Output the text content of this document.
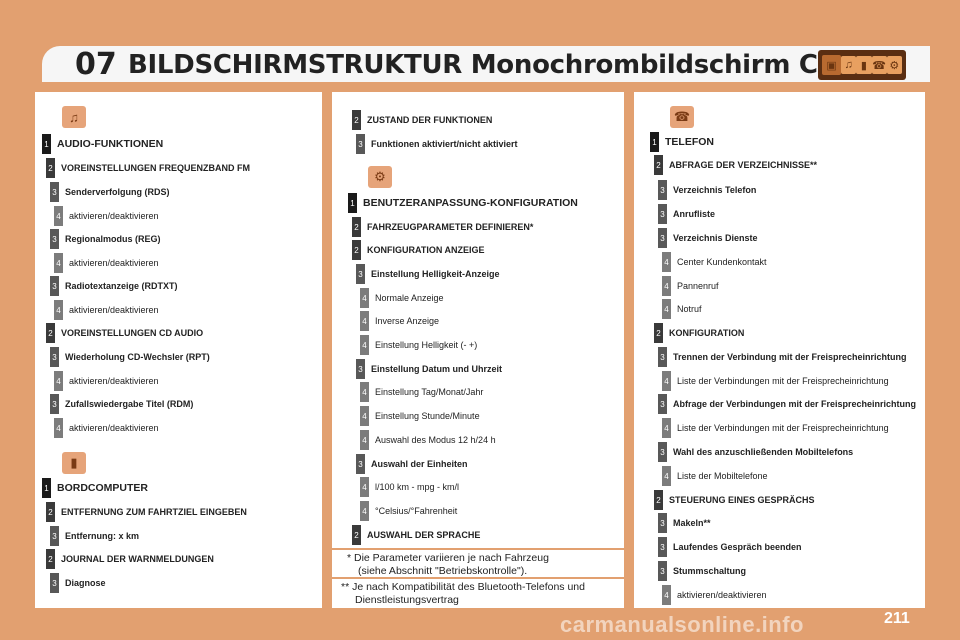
07 BILDSCHIRMSTRUKTUR Monochrombildschirm C ▣ ♫ ▮ ☎ ⚙
♫
1 AUDIO-FUNKTIONEN
2 VOREINSTELLUNGEN FREQUENZBAND FM
3 Senderverfolgung (RDS)
4 aktivieren/deaktivieren
3 Regionalmodus (REG)
4 aktivieren/deaktivieren
3 Radiotextanzeige (RDTXT)
4 aktivieren/deaktivieren
2 VOREINSTELLUNGEN CD AUDIO
3 Wiederholung CD-Wechsler (RPT)
4 aktivieren/deaktivieren
3 Zufallswiedergabe Titel (RDM)
4 aktivieren/deaktivieren
▮
1 BORDCOMPUTER
2 ENTFERNUNG ZUM FAHRTZIEL EINGEBEN
3 Entfernung: x km
2 JOURNAL DER WARNMELDUNGEN
3 Diagnose
2 ZUSTAND DER FUNKTIONEN
3 Funktionen aktiviert/nicht aktiviert
⚙
1 BENUTZERANPASSUNG-KONFIGURATION
2 FAHRZEUGPARAMETER DEFINIEREN*
2 KONFIGURATION ANZEIGE
3 Einstellung Helligkeit-Anzeige
4 Normale Anzeige
4 Inverse Anzeige
4 Einstellung Helligkeit (- +)
3 Einstellung Datum und Uhrzeit
4 Einstellung Tag/Monat/Jahr
4 Einstellung Stunde/Minute
4 Auswahl des Modus 12 h/24 h
3 Auswahl der Einheiten
4 l/100 km - mpg - km/l
4 °Celsius/°Fahrenheit
2 AUSWAHL DER SPRACHE
☎
1 TELEFON
2 ABFRAGE DER VERZEICHNISSE**
3 Verzeichnis Telefon
3 Anrufliste
3 Verzeichnis Dienste
4 Center Kundenkontakt
4 Pannenruf
4 Notruf
2 KONFIGURATION
3 Trennen der Verbindung mit der Freisprecheinrichtung
4 Liste der Verbindungen mit der Freisprecheinrichtung
3 Abfrage der Verbindungen mit der Freisprecheinrichtung
4 Liste der Verbindungen mit der Freisprecheinrichtung
3 Wahl des anzuschließenden Mobiltelefons
4 Liste der Mobiltelefone
2 STEUERUNG EINES GESPRÄCHS
3 Makeln**
3 Laufendes Gespräch beenden
3 Stummschaltung
4 aktivieren/deaktivieren
* Die Parameter variieren je nach Fahrzeug
(siehe Abschnitt "Betriebskontrolle").
** Je nach Kompatibilität des Bluetooth-Telefons und
Dienstleistungsvertrag
carmanualsonline.info	211
